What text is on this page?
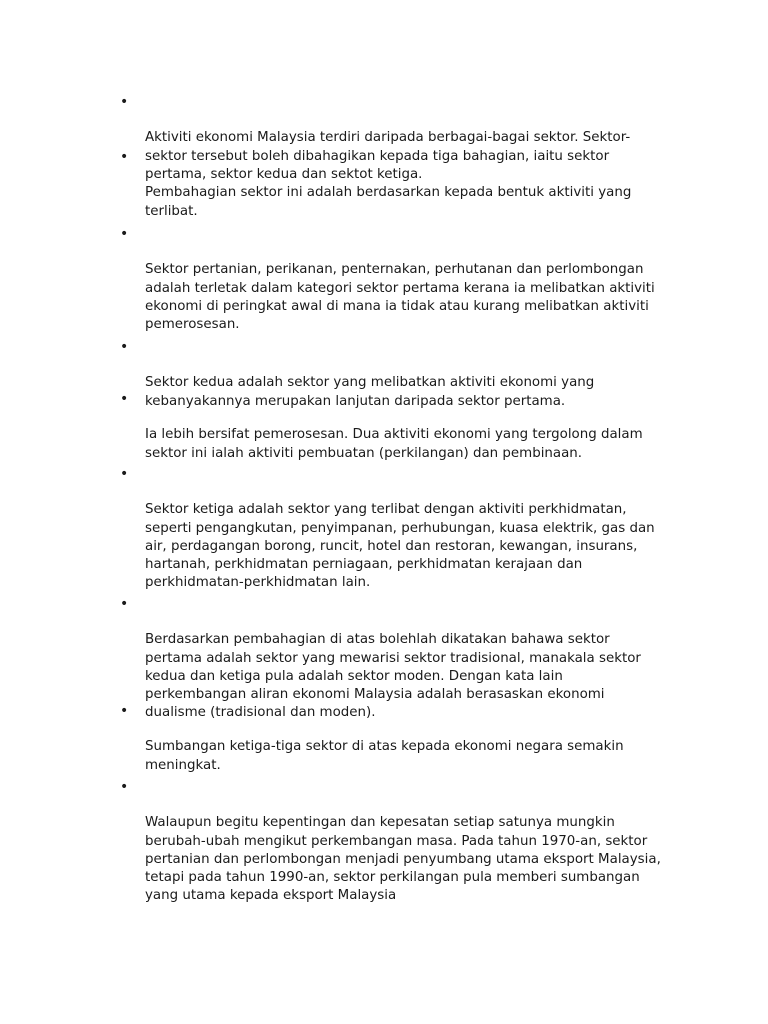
•

Aktiviti ekonomi Malaysia terdiri daripada berbagai-bagai sektor. Sektor-
sektor tersebut boleh dibahagikan kepada tiga bahagian, iaitu sektor
pertama, sektor kedua dan sektot ketiga.

•

Pembahagian sektor ini adalah berdasarkan kepada bentuk aktiviti yang
terlibat.

•

Sektor pertanian, perikanan, penternakan, perhutanan dan perlombongan
adalah terletak dalam kategori sektor pertama kerana ia melibatkan aktiviti
ekonomi di peringkat awal di mana ia tidak atau kurang melibatkan aktiviti
pemerosesan.

•

Sektor kedua adalah sektor yang melibatkan aktiviti ekonomi yang
kebanyakannya merupakan lanjutan daripada sektor pertama.

•

Ia lebih bersifat pemerosesan. Dua aktiviti ekonomi yang tergolong dalam
sektor ini ialah aktiviti pembuatan (perkilangan) dan pembinaan.

•

Sektor ketiga adalah sektor yang terlibat dengan aktiviti perkhidmatan,
seperti pengangkutan, penyimpanan, perhubungan, kuasa elektrik, gas dan
air, perdagangan borong, runcit, hotel dan restoran, kewangan, insurans,
hartanah, perkhidmatan perniagaan, perkhidmatan kerajaan dan
perkhidmatan-perkhidmatan lain.

•

Berdasarkan pembahagian di atas bolehlah dikatakan bahawa sektor
pertama adalah sektor yang mewarisi sektor tradisional, manakala sektor
kedua dan ketiga pula adalah sektor moden. Dengan kata lain
perkembangan aliran ekonomi Malaysia adalah berasaskan ekonomi
dualisme (tradisional dan moden).

•

Sumbangan ketiga-tiga sektor di atas kepada ekonomi negara semakin
meningkat.

•

Walaupun begitu kepentingan dan kepesatan setiap satunya mungkin
berubah-ubah mengikut perkembangan masa. Pada tahun 1970-an, sektor
pertanian dan perlombongan menjadi penyumbang utama eksport Malaysia,
tetapi pada tahun 1990-an, sektor perkilangan pula memberi sumbangan
yang utama kepada eksport Malaysia
